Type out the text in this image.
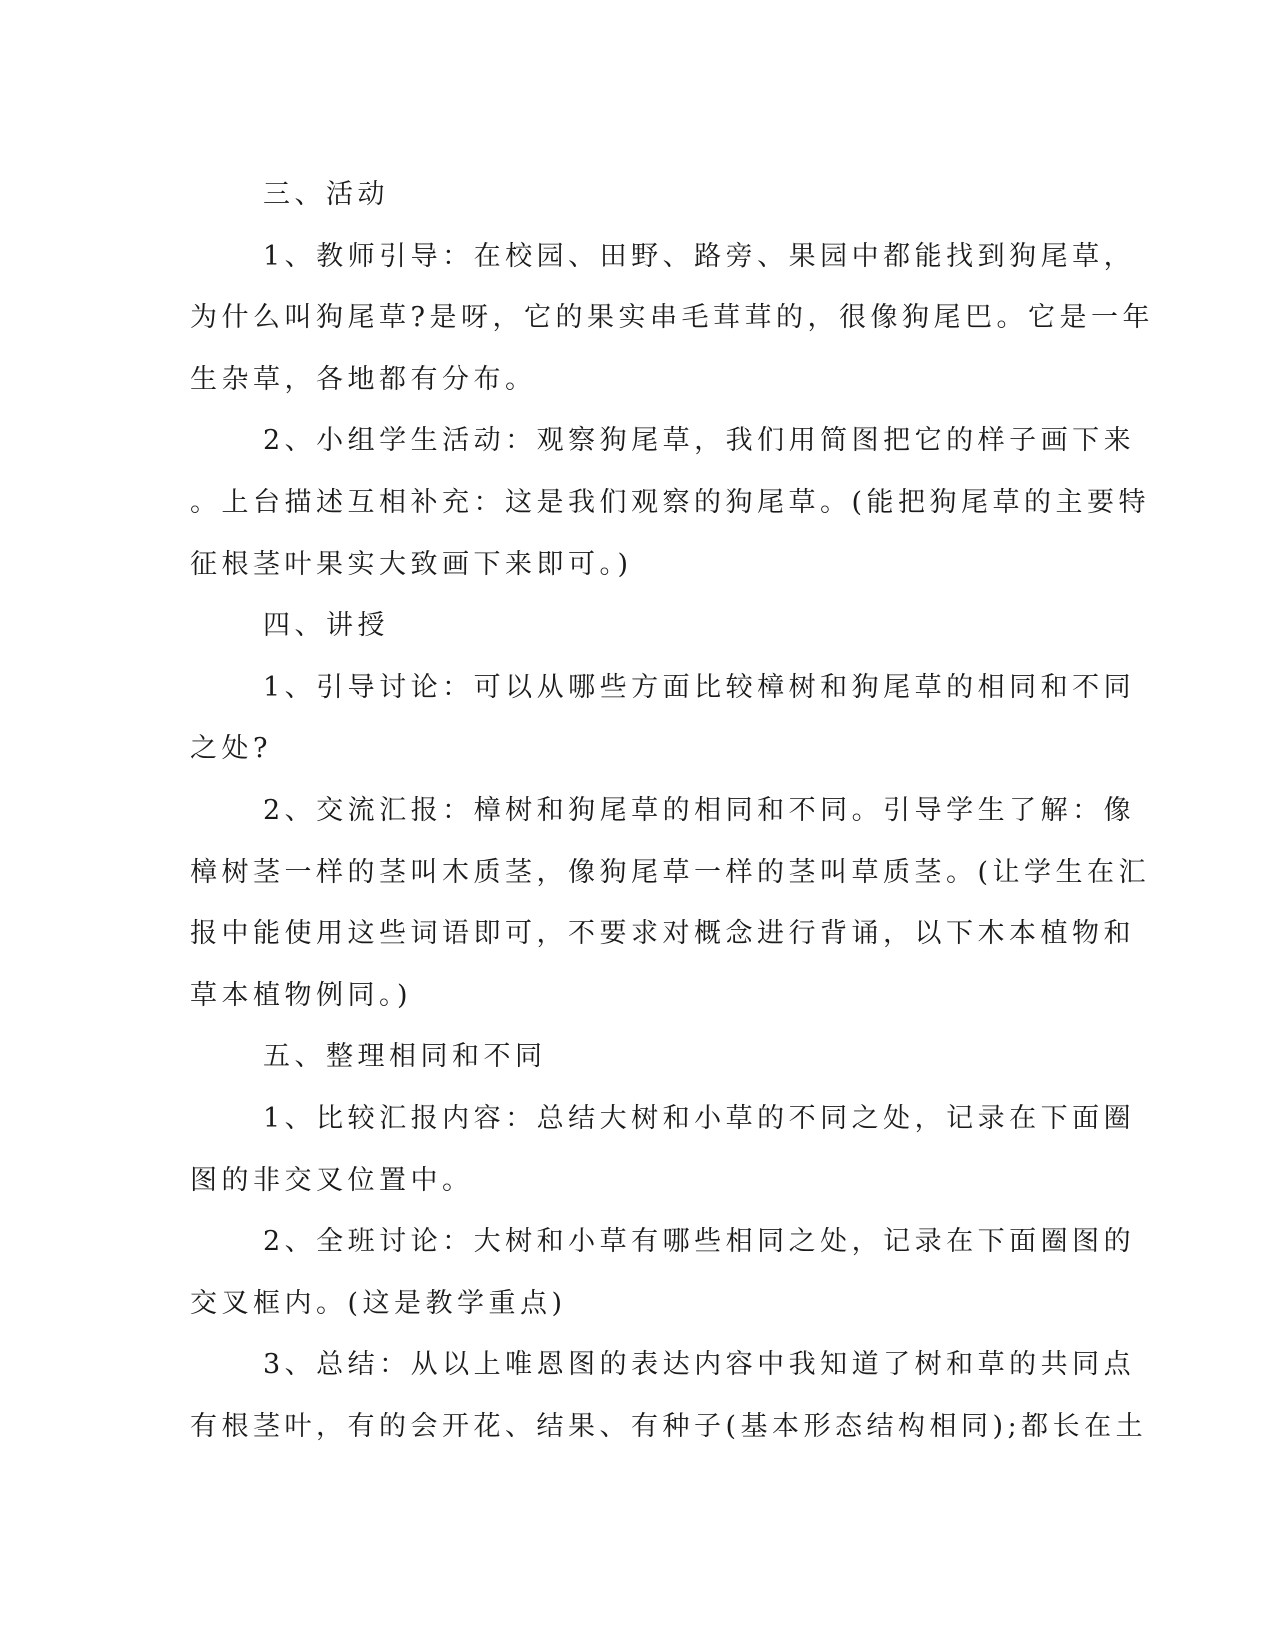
三、活动
1、教师引导：在校园、田野、路旁、果园中都能找到狗尾草，
为什么叫狗尾草?是呀，它的果实串毛茸茸的，很像狗尾巴。它是一年
生杂草，各地都有分布。
2、小组学生活动：观察狗尾草，我们用简图把它的样子画下来
。上台描述互相补充：这是我们观察的狗尾草。(能把狗尾草的主要特
征根茎叶果实大致画下来即可。)
四、讲授
1、引导讨论：可以从哪些方面比较樟树和狗尾草的相同和不同
之处?
2、交流汇报：樟树和狗尾草的相同和不同。引导学生了解：像
樟树茎一样的茎叫木质茎，像狗尾草一样的茎叫草质茎。(让学生在汇
报中能使用这些词语即可，不要求对概念进行背诵，以下木本植物和
草本植物例同。)
五、整理相同和不同
1、比较汇报内容：总结大树和小草的不同之处，记录在下面圈
图的非交叉位置中。
2、全班讨论：大树和小草有哪些相同之处，记录在下面圈图的
交叉框内。(这是教学重点)
3、总结：从以上唯恩图的表达内容中我知道了树和草的共同点
有根茎叶，有的会开花、结果、有种子(基本形态结构相同);都长在土
